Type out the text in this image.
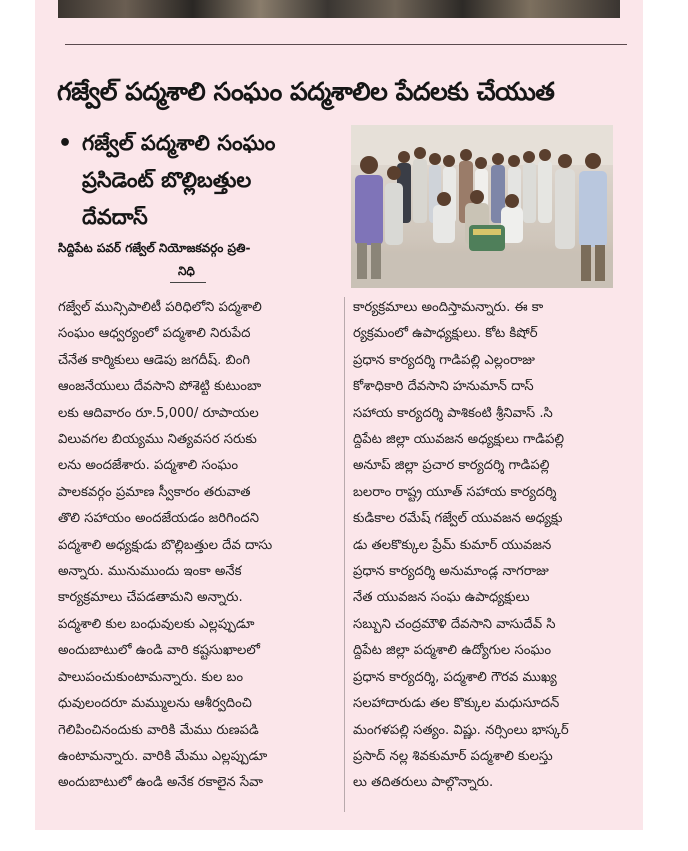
గజ్వేల్ పద్మశాలి సంఘం పద్మశాలిల పేదలకు చేయుత
• గజ్వేల్ పద్మశాలి సంఘం
ప్రసిడెంట్ బొల్లిబత్తుల
దేవదాస్
సిద్దిపేట పవర్ గజ్వేల్ నియోజకవర్గం ప్రతి-
నిధి
గజ్వేల్ మున్సిపాలిటీ పరిధిలోని పద్మశాలి
సంఘం ఆధ్వర్యంలో పద్మశాలి నిరుపేద
చేనేత కార్మికులు ఆడెపు జగదీష్. బింగి
ఆంజనేయులు దేవసాని పోశెట్టి కుటుంబా
లకు ఆదివారం రూ.5,000/ రూపాయల
విలువగల బియ్యము నిత్యవసర సరుకు
లను అందజేశారు. పద్మశాలి సంఘం
పాలకవర్గం ప్రమాణ స్వీకారం తరువాత
తొలి సహాయం అందజేయడం జరిగిందని
పద్మశాలి అధ్యక్షుడు బొల్లిబత్తుల దేవ దాసు
అన్నారు. మునుముందు ఇంకా అనేక
కార్యక్రమాలు చేపడతామని అన్నారు.
పద్మశాలి కుల బంధువులకు ఎల్లప్పుడూ
అందుబాటులో ఉండి వారి కష్టసుఖాలలో
పాలుపంచుకుంటామన్నారు. కుల బం
ధువులందరూ మమ్ములను ఆశీర్వదించి
గెలిపించినందుకు వారికి మేము రుణపడి
ఉంటామన్నారు. వారికి మేము ఎల్లప్పుడూ
అందుబాటులో ఉండి అనేక రకాలైన సేవా
కార్యక్రమాలు అందిస్తామన్నారు. ఈ కా
ర్యక్రమంలో ఉపాధ్యక్షులు. కోట కిషోర్
ప్రధాన కార్యదర్శి గాడిపల్లి ఎల్లంరాజు
కోశాధికారి దేవసాని హనుమాన్ దాస్
సహాయ కార్యదర్శి పాశికంటి శ్రీనివాస్ .సి
ద్దిపేట జిల్లా యువజన అధ్యక్షులు గాడిపల్లి
అనూప్ జిల్లా ప్రచార కార్యదర్శి గాడిపల్లి
బలరాం రాష్ట్ర యూత్ సహాయ కార్యదర్శి
కుడికాల రమేష్ గజ్వేల్ యువజన అధ్యక్షు
డు తలకొక్కుల ప్రేమ్ కుమార్ యువజన
ప్రధాన కార్యదర్శి అనుమాండ్ల నాగరాజు
నేత యువజన సంఘ ఉపాధ్యక్షులు
సబ్బుని చంద్రమౌళి దేవసాని వాసుదేవ్ సి
ద్దిపేట జిల్లా పద్మశాలి ఉద్యోగుల సంఘం
ప్రధాన కార్యదర్శి, పద్మశాలి గౌరవ ముఖ్య
సలహాదారుడు తల కొక్కుల మధుసూదన్
మంగళపల్లి సత్యం. విష్ణు. నర్సింలు భాస్కర్
ప్రసాద్ నల్ల శివకుమార్ పద్మశాలి కులస్తు
లు తదితరులు పాల్గొన్నారు.
